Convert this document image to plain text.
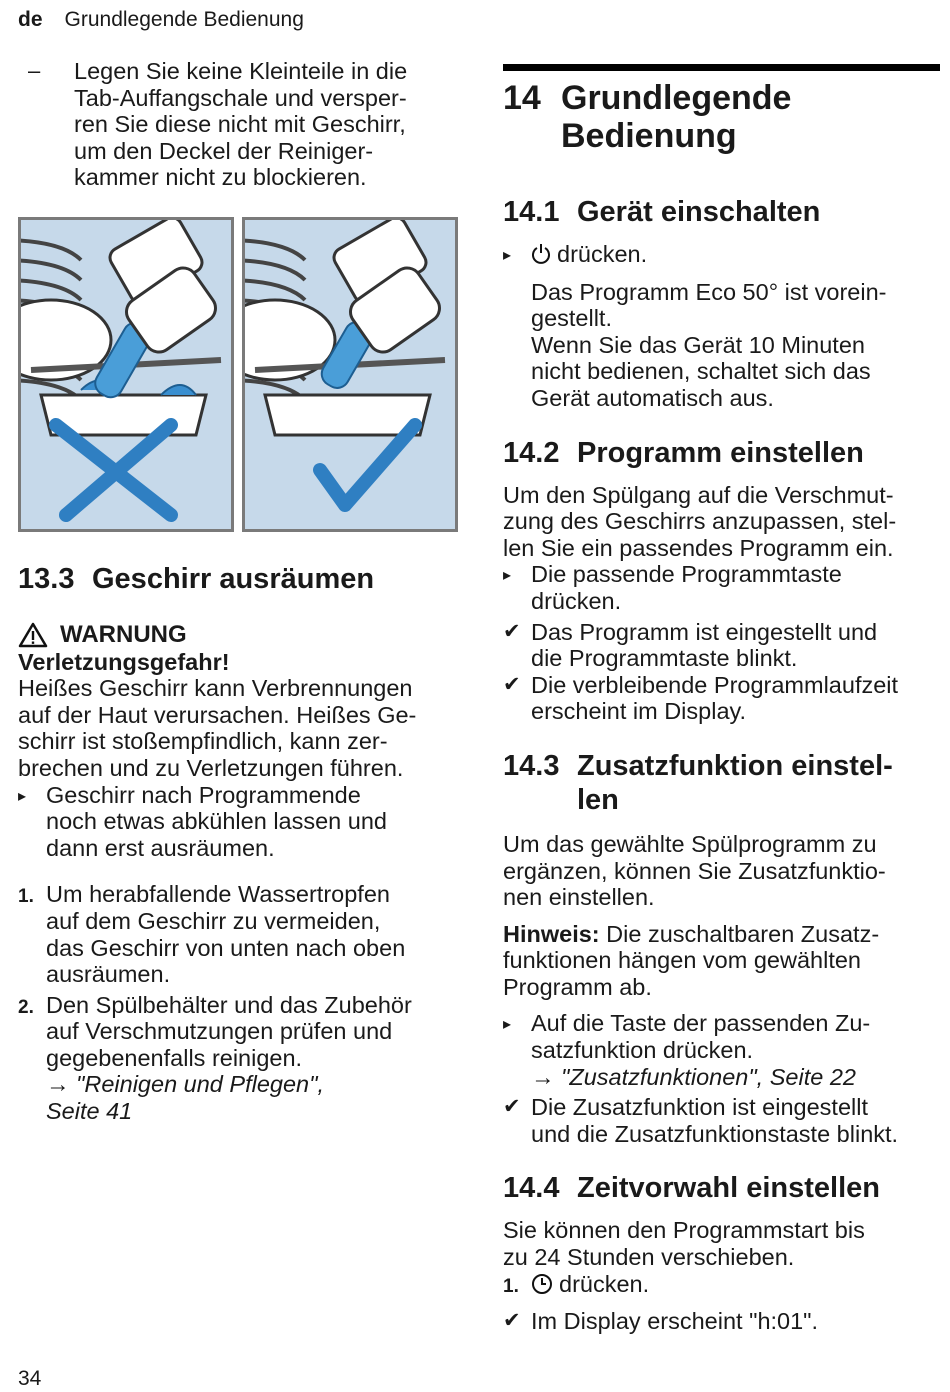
de Grundlegende Bedienung
– Legen Sie keine Kleinteile in die

Tab-Auffangschale und versper-

ren Sie diese nicht mit Geschirr,

um den Deckel der Reiniger-

kammer nicht zu blockieren.

13.3 Geschirr ausräumen
WARNUNG

Verletzungsgefahr!

Heißes Geschirr kann Verbrennungen

auf der Haut verursachen. Heißes Ge-

schirr ist stoßempfindlich, kann zer-

brechen und zu Verletzungen führen.

▸ Geschirr nach Programmende

noch etwas abkühlen lassen und

dann erst ausräumen.

1. Um herabfallende Wassertropfen

auf dem Geschirr zu vermeiden,

das Geschirr von unten nach oben

ausräumen.

2. Den Spülbehälter und das Zubehör

auf Verschmutzungen prüfen und

gegebenenfalls reinigen.

→ "Reinigen und Pflegen",

Seite 41

14 Grundlegende
Bedienung
14.1 Gerät einschalten
▸	drücken.

Das Programm Eco 50° ist vorein-

gestellt.

Wenn Sie das Gerät 10 Minuten

nicht bedienen, schaltet sich das

Gerät automatisch aus.

14.2 Programm einstellen

Um den Spülgang auf die Verschmut-

zung des Geschirrs anzupassen, stel-

len Sie ein passendes Programm ein.

▸ Die passende Programmtaste

drücken.

✔ Das Programm ist eingestellt und

die Programmtaste blinkt.

✔ Die verbleibende Programmlaufzeit

erscheint im Display.

14.3 Zusatzfunktion einstel-
len

Um das gewählte Spülprogramm zu

ergänzen, können Sie Zusatzfunktio-

nen einstellen.

Hinweis: Die zuschaltbaren Zusatz-

funktionen hängen vom gewählten

Programm ab.

▸ Auf die Taste der passenden Zu-

satzfunktion drücken.

→ "Zusatzfunktionen", Seite 22

✔ Die Zusatzfunktion ist eingestellt

und die Zusatzfunktionstaste blinkt.

14.4 Zeitvorwahl einstellen

Sie können den Programmstart bis

zu 24 Stunden verschieben.

1.	drücken.

✔ Im Display erscheint "h:01".

34
